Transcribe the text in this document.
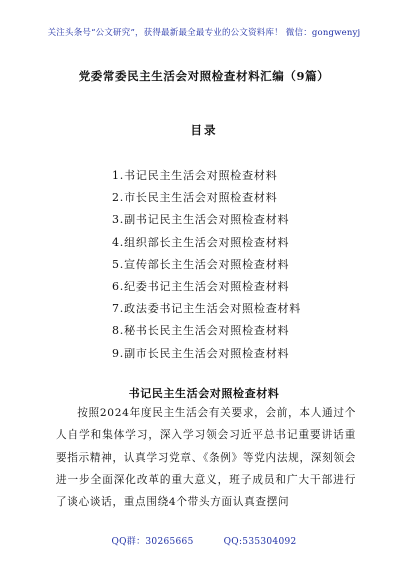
关注头条号“公文研究”，获得最新最全最专业的公文资料库！ 微信：gongwenyj
党委常委民主生活会对照检查材料汇编（9篇）
目录
1.书记民主生活会对照检查材料
2.市长民主生活会对照检查材料
3.副书记民主生活会对照检查材料
4.组织部长主生活会对照检查材料
5.宣传部长主生活会对照检查材料
6.纪委书记主生活会对照检查材料
7.政法委书记主生活会对照检查材料
8.秘书长民主生活会对照检查材料
9.副市长民主生活会对照检查材料
书记民主生活会对照检查材料

按照2024年度民主生活会有关要求，会前，本人通过个人自学和集体学习，深入学习领会习近平总书记重要讲话重要指示精神，认真学习党章、《条例》等党内法规，深刻领会进一步全面深化改革的重大意义，班子成员和广大干部进行了谈心谈话，重点围绕4个带头方面认真查摆问

QQ群：30265665	QQ:535304092
